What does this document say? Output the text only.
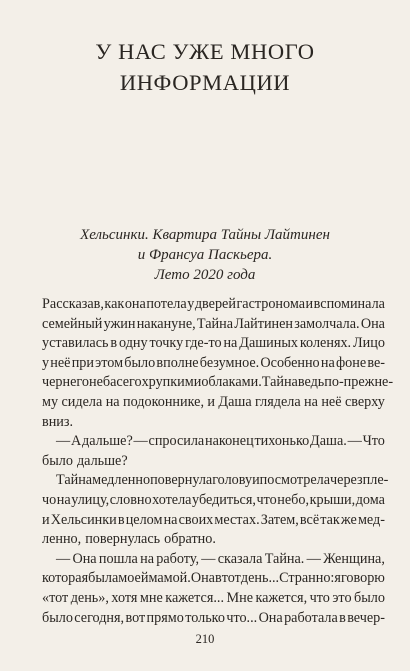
У НАС УЖЕ МНОГО
ИНФОРМАЦИИ
Хельсинки. Квартира Тайны Лайтинен
и Франсуа Паскьера.
Лето 2020 года
Рассказав, как она потела у дверей гастронома и вспоминала
семейный ужин накануне, Тайна Лайтинен замолчала. Она
уставилась в одну точку где-то на Дашиных коленях. Лицо
у неё при этом было вполне безумное. Особенно на фоне ве-
чернего неба с его хрупкими облаками. Тайна ведь по-прежне-
му сидела на подоконнике, и Даша глядела на неё сверху
вниз.
— А дальше? — спросила наконец тихонько Даша. — Что
было дальше?
Тайна медленно повернула голову и посмотрела через пле-
чо на улицу, словно хотела убедиться, что небо, крыши, дома
и Хельсинки в целом на своих местах. Затем, всё так же мед-
ленно, повернулась обратно.
— Она пошла на работу, — сказала Тайна. — Женщина,
которая была моей мамой. Она в тот день... Странно: я говорю
«тот день», хотя мне кажется... Мне кажется, что это было
было сегодня, вот прямо только что... Она работала в вечер-
210
